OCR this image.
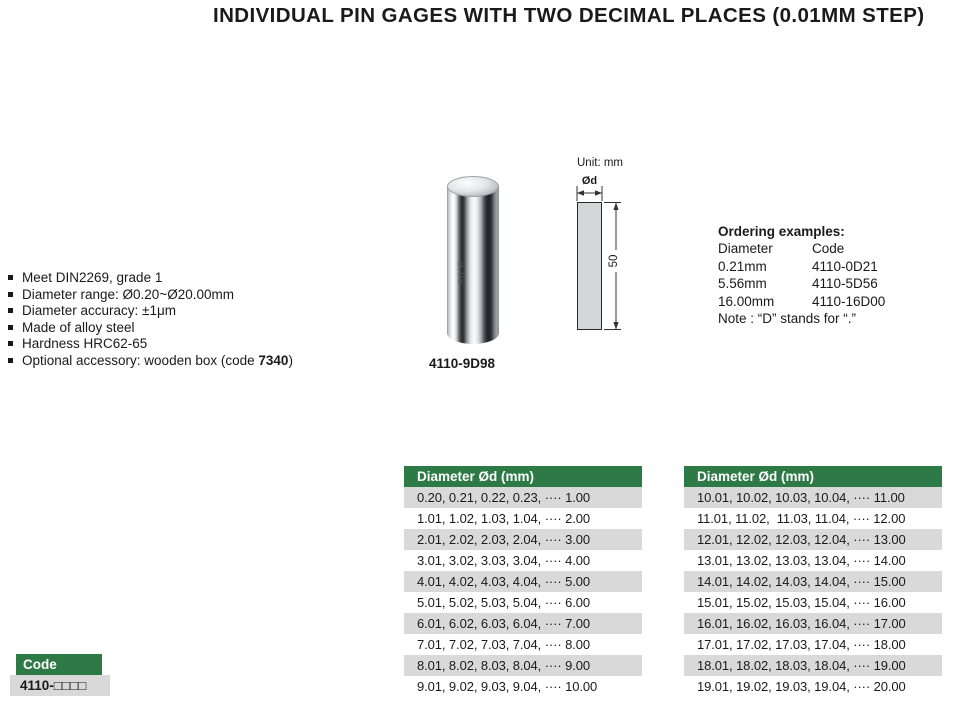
INDIVIDUAL PIN GAGES WITH TWO DECIMAL PLACES (0.01MM STEP)
Meet DIN2269, grade 1
Diameter range: Ø0.20~Ø20.00mm
Diameter accuracy: ±1μm
Made of alloy steel
Hardness HRC62-65
Optional accessory: wooden box (code 7340)
9.98
4110-9D98
Unit: mm
Ød
50
Ordering examples:
Diameter	Code
0.21mm	4110-0D21
5.56mm	4110-5D56
16.00mm	4110-16D00
Note : “D” stands for “.”
Diameter Ød (mm)
0.20, 0.21, 0.22, 0.23, ···· 1.00
1.01, 1.02, 1.03, 1.04, ···· 2.00
2.01, 2.02, 2.03, 2.04, ···· 3.00
3.01, 3.02, 3.03, 3.04, ···· 4.00
4.01, 4.02, 4.03, 4.04, ···· 5.00
5.01, 5.02, 5.03, 5.04, ···· 6.00
6.01, 6.02, 6.03, 6.04, ···· 7.00
7.01, 7.02, 7.03, 7.04, ···· 8.00
8.01, 8.02, 8.03, 8.04, ···· 9.00
9.01, 9.02, 9.03, 9.04, ···· 10.00
Diameter Ød (mm)
10.01, 10.02, 10.03, 10.04, ···· 11.00
11.01, 11.02,  11.03, 11.04, ···· 12.00
12.01, 12.02, 12.03, 12.04, ···· 13.00
13.01, 13.02, 13.03, 13.04, ···· 14.00
14.01, 14.02, 14.03, 14.04, ···· 15.00
15.01, 15.02, 15.03, 15.04, ···· 16.00
16.01, 16.02, 16.03, 16.04, ···· 17.00
17.01, 17.02, 17.03, 17.04, ···· 18.00
18.01, 18.02, 18.03, 18.04, ···· 19.00
19.01, 19.02, 19.03, 19.04, ···· 20.00
Code
4110-□□□□
